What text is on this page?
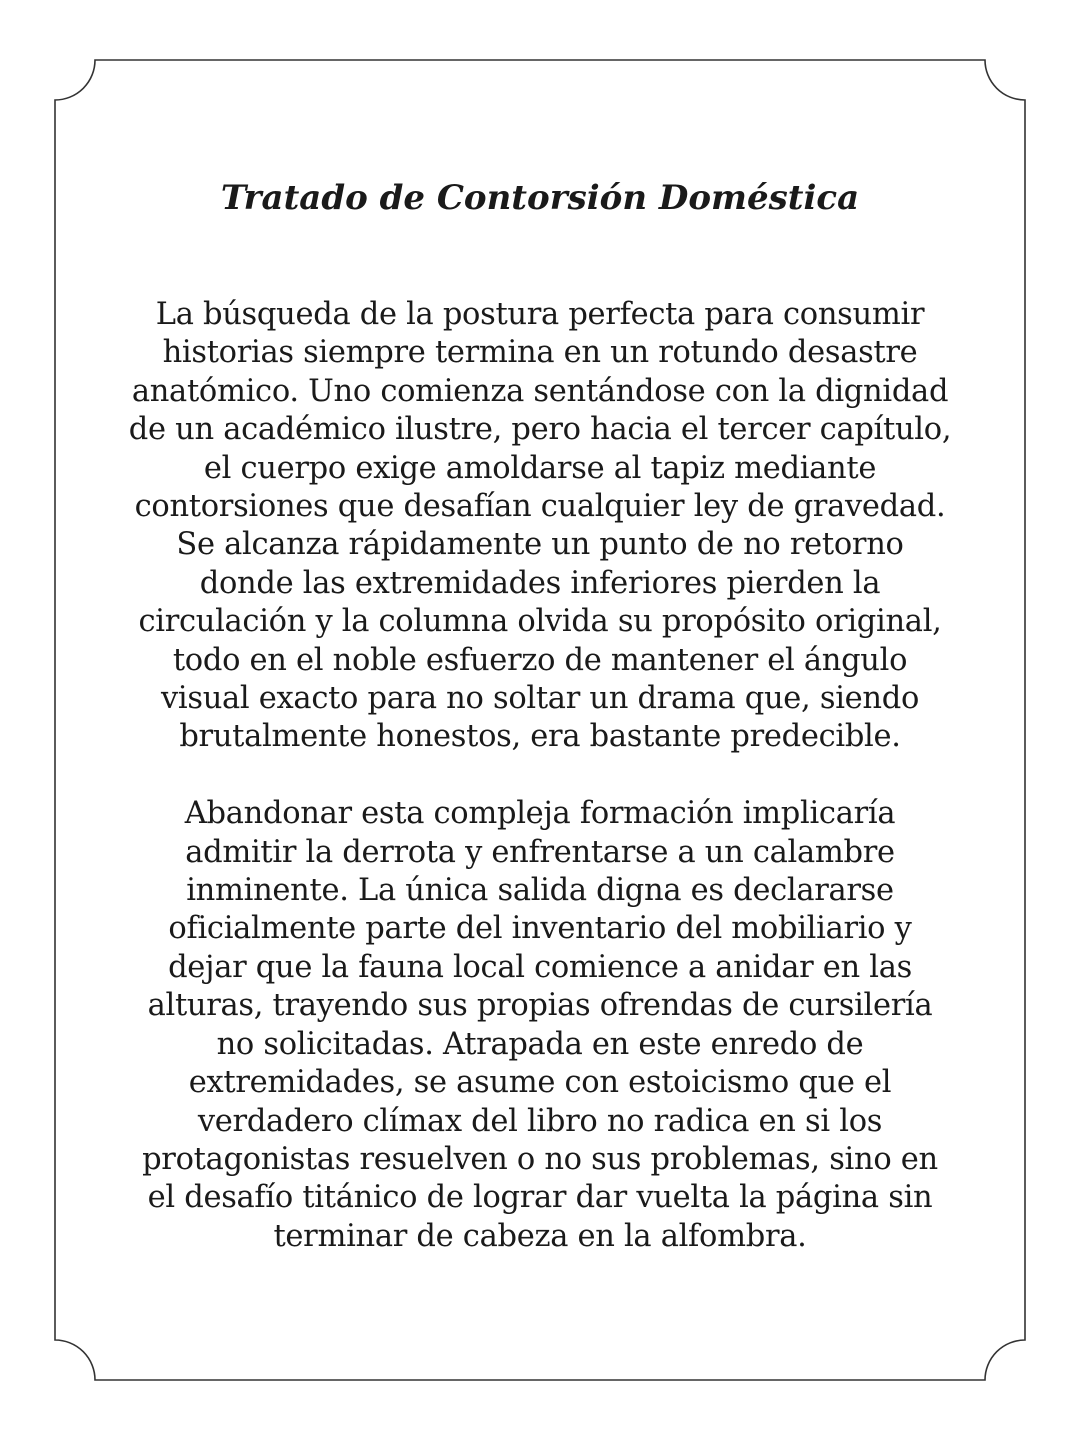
Tratado de Contorsión Doméstica

La búsqueda de la postura perfecta para consumir historias siempre termina en un rotundo desastre anatómico. Uno comienza sentándose con la dignidad de un académico ilustre, pero hacia el tercer capítulo, el cuerpo exige amoldarse al tapiz mediante contorsiones que desafían cualquier ley de gravedad. Se alcanza rápidamente un punto de no retorno donde las extremidades inferiores pierden la circulación y la columna olvida su propósito original, todo en el noble esfuerzo de mantener el ángulo visual exacto para no soltar un drama que, siendo brutalmente honestos, era bastante predecible.

Abandonar esta compleja formación implicaría admitir la derrota y enfrentarse a un calambre inminente. La única salida digna es declararse oficialmente parte del inventario del mobiliario y dejar que la fauna local comience a anidar en las alturas, trayendo sus propias ofrendas de cursilería no solicitadas. Atrapada en este enredo de extremidades, se asume con estoicismo que el verdadero clímax del libro no radica en si los protagonistas resuelven o no sus problemas, sino en el desafío titánico de lograr dar vuelta la página sin terminar de cabeza en la alfombra.
